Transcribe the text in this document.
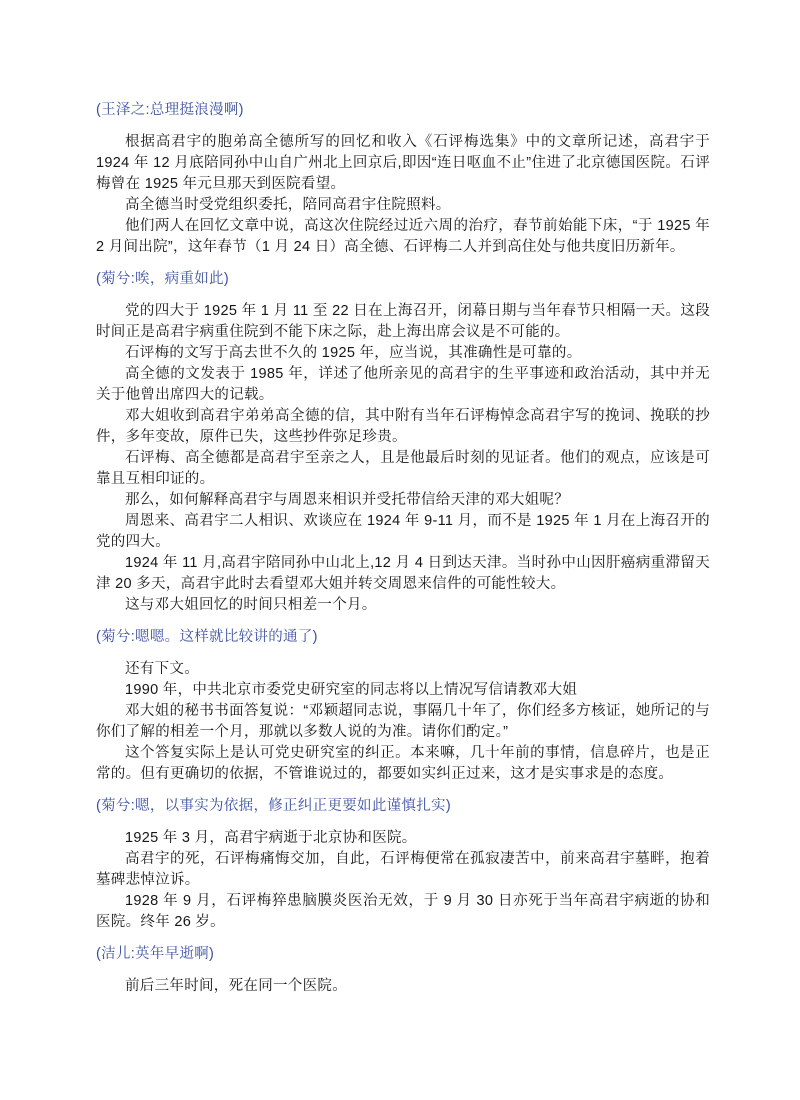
(王泽之:总理挺浪漫啊)

根据高君宇的胞弟高全德所写的回忆和收入《石评梅选集》中的文章所记述，高君宇于 1924 年 12 月底陪同孙中山自广州北上回京后,即因“连日呕血不止”住进了北京德国医院。石评梅曾在 1925 年元旦那天到医院看望。

高全德当时受党组织委托，陪同高君宇住院照料。

他们两人在回忆文章中说，高这次住院经过近六周的治疗，春节前始能下床，“于 1925 年 2 月间出院”，这年春节（1 月 24 日）高全德、石评梅二人并到高住处与他共度旧历新年。

(菊兮:唉，病重如此)

党的四大于 1925 年 1 月 11 至 22 日在上海召开，闭幕日期与当年春节只相隔一天。这段时间正是高君宇病重住院到不能下床之际，赴上海出席会议是不可能的。

石评梅的文写于高去世不久的 1925 年，应当说，其准确性是可靠的。

高全德的文发表于 1985 年，详述了他所亲见的高君宇的生平事迹和政治活动，其中并无关于他曾出席四大的记载。

邓大姐收到高君宇弟弟高全德的信，其中附有当年石评梅悼念高君宇写的挽词、挽联的抄件，多年变故，原件已失，这些抄件弥足珍贵。

石评梅、高全德都是高君宇至亲之人，且是他最后时刻的见证者。他们的观点，应该是可靠且互相印证的。

那么，如何解释高君宇与周恩来相识并受托带信给天津的邓大姐呢？

周恩来、高君宇二人相识、欢谈应在 1924 年 9-11 月，而不是 1925 年 1 月在上海召开的党的四大。

1924 年 11 月,高君宇陪同孙中山北上,12 月 4 日到达天津。当时孙中山因肝癌病重滞留天津 20 多天，高君宇此时去看望邓大姐并转交周恩来信件的可能性较大。

这与邓大姐回忆的时间只相差一个月。

(菊兮:嗯嗯。这样就比较讲的通了)

还有下文。

1990 年，中共北京市委党史研究室的同志将以上情况写信请教邓大姐

邓大姐的秘书书面答复说：“邓颖超同志说，事隔几十年了，你们经多方核证，她所记的与你们了解的相差一个月，那就以多数人说的为准。请你们酌定。”

这个答复实际上是认可党史研究室的纠正。本来嘛，几十年前的事情，信息碎片，也是正常的。但有更确切的依据，不管谁说过的，都要如实纠正过来，这才是实事求是的态度。

(菊兮:嗯，以事实为依据，修正纠正更要如此谨慎扎实)

1925 年 3 月，高君宇病逝于北京协和医院。

高君宇的死，石评梅痛悔交加，自此，石评梅便常在孤寂凄苦中，前来高君宇墓畔，抱着墓碑悲悼泣诉。

1928 年 9 月，石评梅猝患脑膜炎医治无效，于 9 月 30 日亦死于当年高君宇病逝的协和医院。终年 26 岁。

(洁儿:英年早逝啊)

前后三年时间，死在同一个医院。
